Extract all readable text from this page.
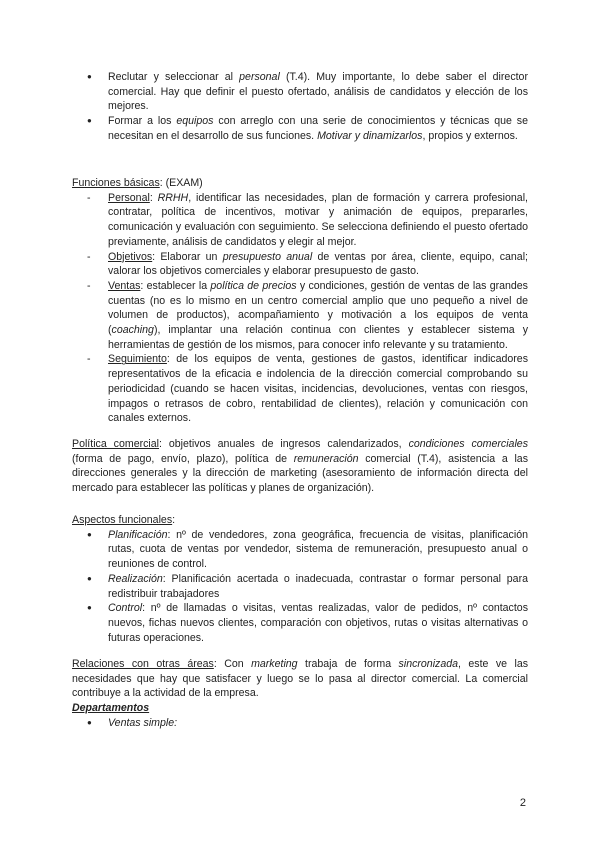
● Reclutar y seleccionar al personal (T.4). Muy importante, lo debe saber el director comercial. Hay que definir el puesto ofertado, análisis de candidatos y elección de los mejores.
● Formar a los equipos con arreglo con una serie de conocimientos y técnicas que se necesitan en el desarrollo de sus funciones. Motivar y dinamizarlos, propios y externos.

Funciones básicas: (EXAM)

- Personal: RRHH, identificar las necesidades, plan de formación y carrera profesional, contratar, política de incentivos, motivar y animación de equipos, prepararles, comunicación y evaluación con seguimiento. Se selecciona definiendo el puesto ofertado previamente, análisis de candidatos y elegir al mejor.
- Objetivos: Elaborar un presupuesto anual de ventas por área, cliente, equipo, canal; valorar los objetivos comerciales y elaborar presupuesto de gasto.
- Ventas: establecer la política de precios y condiciones, gestión de ventas de las grandes cuentas (no es lo mismo en un centro comercial amplio que uno pequeño a nivel de volumen de productos), acompañamiento y motivación a los equipos de venta (coaching), implantar una relación continua con clientes y establecer sistema y herramientas de gestión de los mismos, para conocer info relevante y su tratamiento.
- Seguimiento: de los equipos de venta, gestiones de gastos, identificar indicadores representativos de la eficacia e indolencia de la dirección comercial comprobando su periodicidad (cuando se hacen visitas, incidencias, devoluciones, ventas con riesgos, impagos o retrasos de cobro, rentabilidad de clientes), relación y comunicación con canales externos.

Política comercial: objetivos anuales de ingresos calendarizados, condiciones comerciales (forma de pago, envío, plazo), política de remuneración comercial (T.4), asistencia a las direcciones generales y la dirección de marketing (asesoramiento de información directa del mercado para establecer las políticas y planes de organización).

Aspectos funcionales:

● Planificación: nº de vendedores, zona geográfica, frecuencia de visitas, planificación rutas, cuota de ventas por vendedor, sistema de remuneración, presupuesto anual o reuniones de control.
● Realización: Planificación acertada o inadecuada, contrastar o formar personal para redistribuir trabajadores
● Control: nº de llamadas o visitas, ventas realizadas, valor de pedidos, nº contactos nuevos, fichas nuevos clientes, comparación con objetivos, rutas o visitas alternativas o futuras operaciones.

Relaciones con otras áreas: Con marketing trabaja de forma sincronizada, este ve las necesidades que hay que satisfacer y luego se lo pasa al director comercial. La comercial contribuye a la actividad de la empresa.

Departamentos

● Ventas simple:
2
